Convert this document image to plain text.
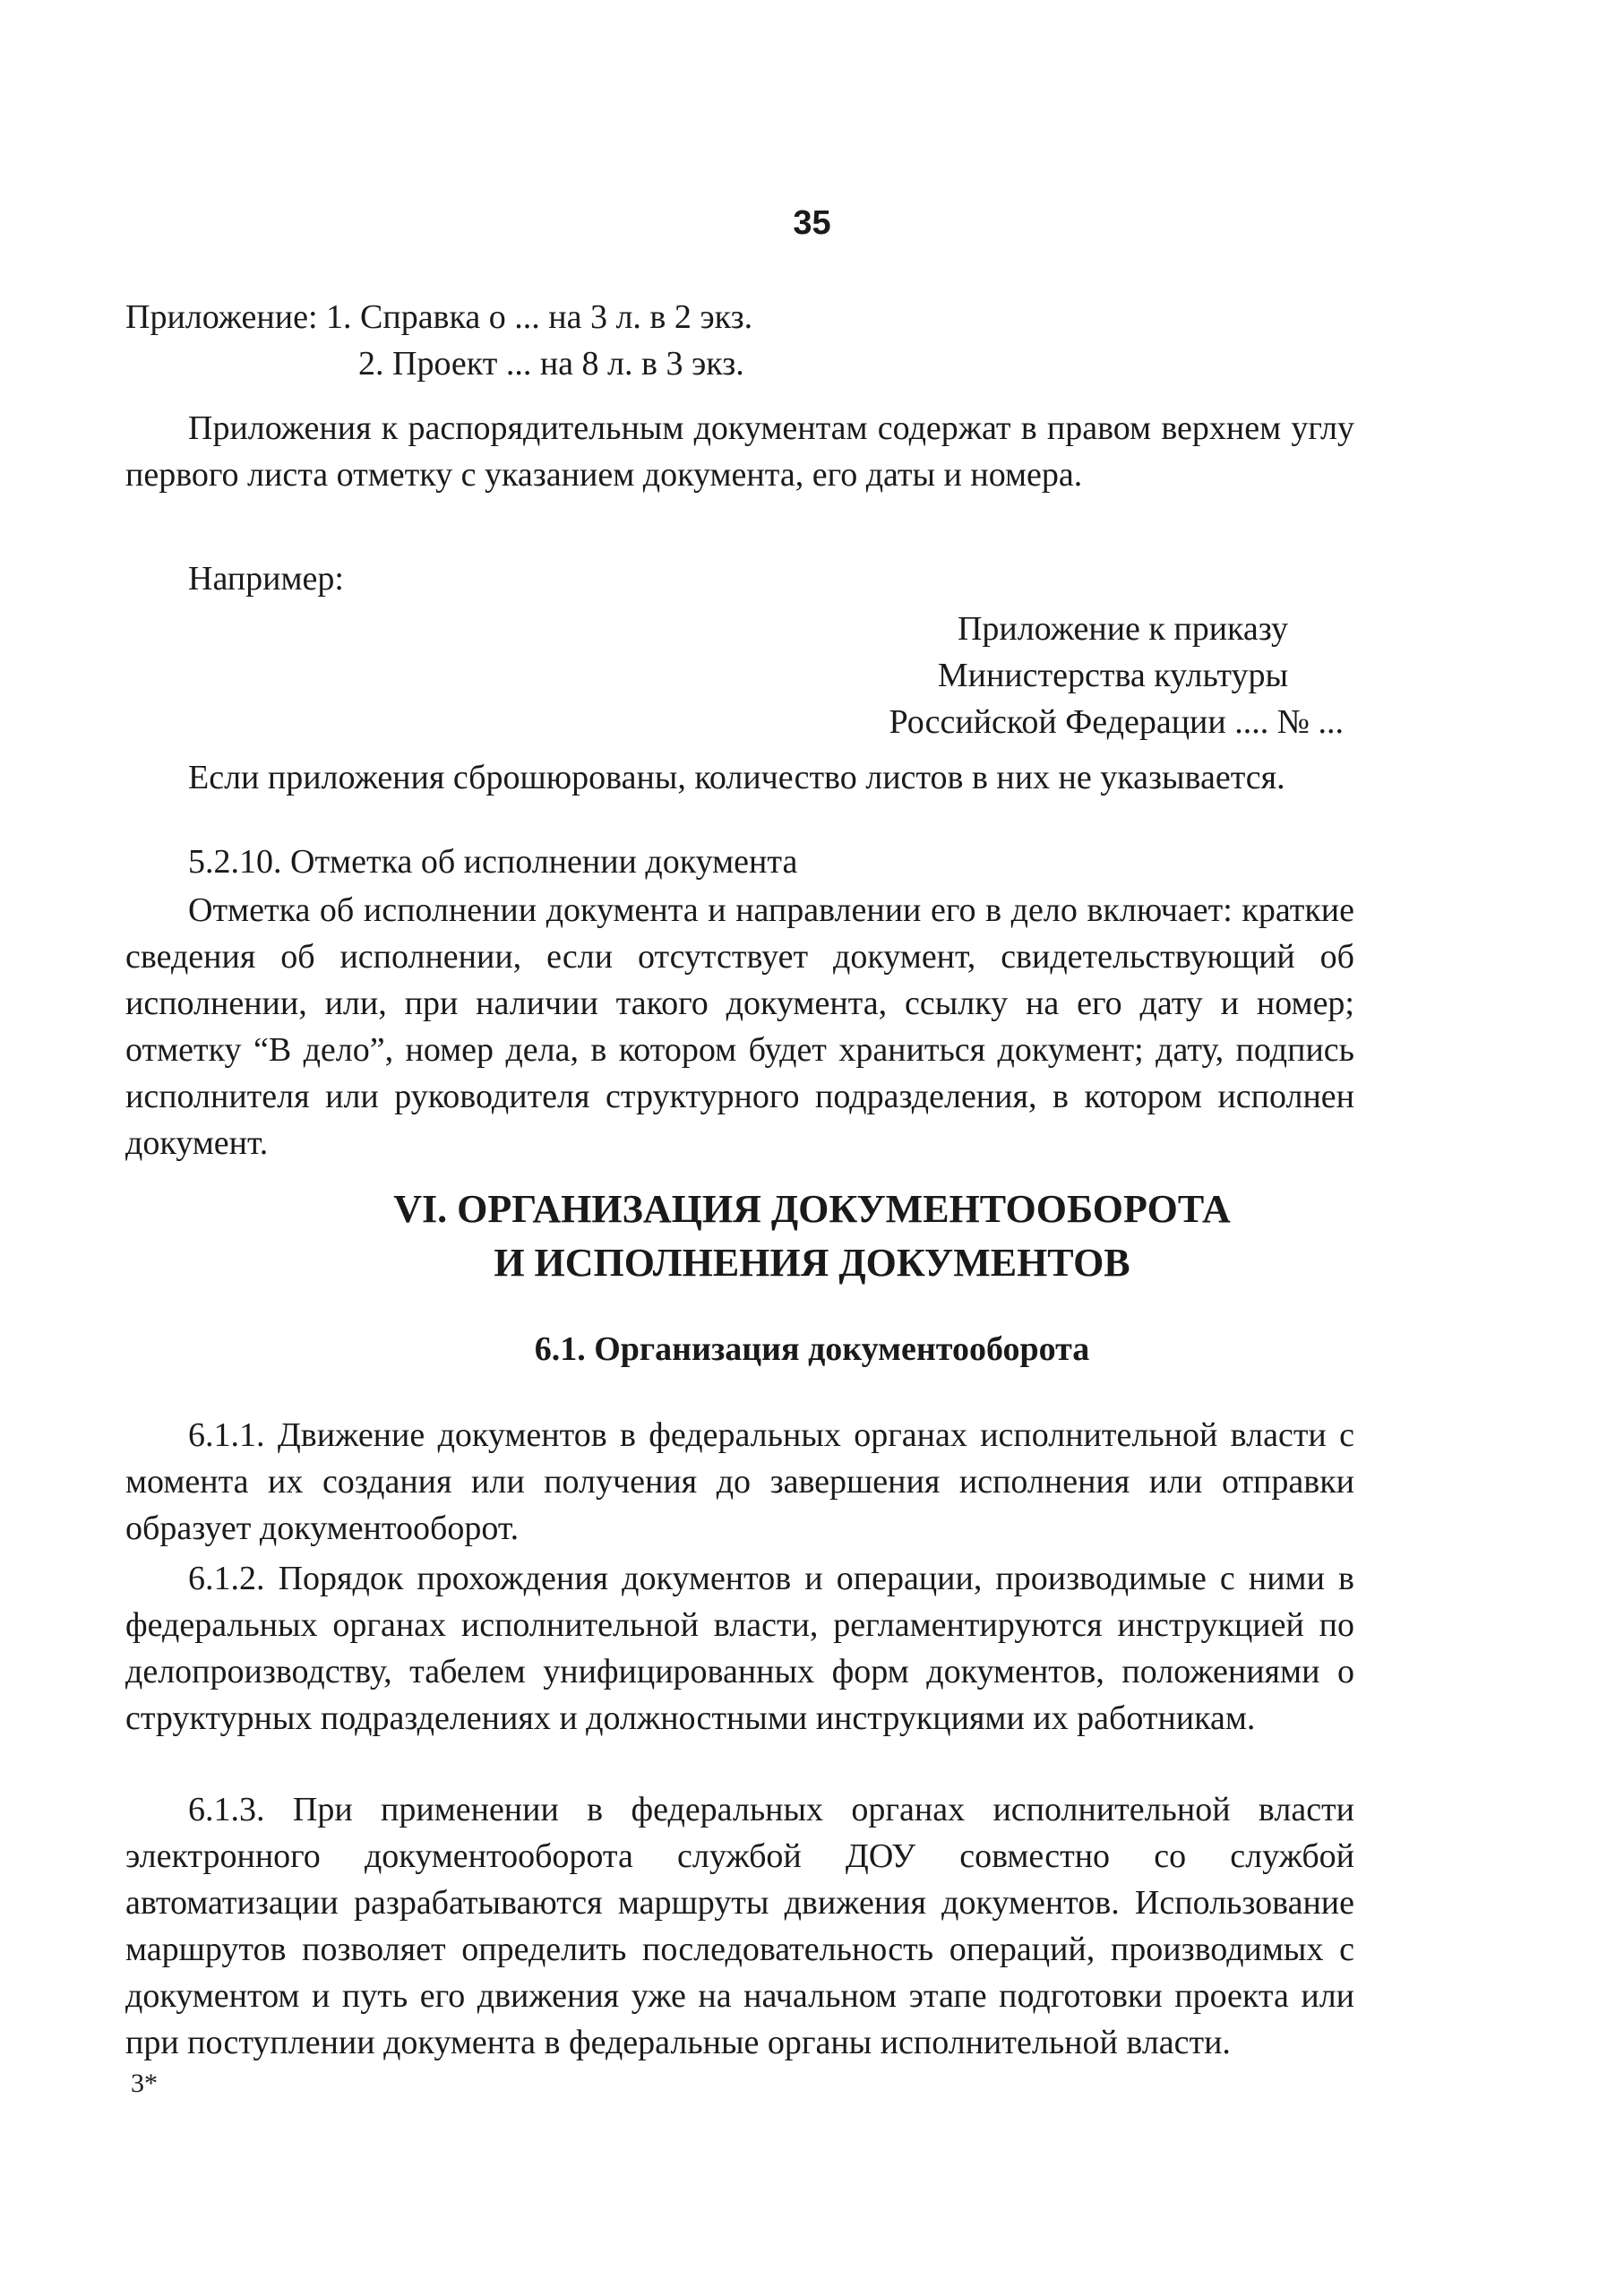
35
Приложение: 1. Справка о ... на 3 л. в 2 экз.
2. Проект ... на 8 л. в 3 экз.

Приложения к распорядительным документам содержат в правом верхнем углу первого листа отметку с указанием документа, его даты и номера.

Например:
Приложение к приказу
Министерства культуры
Российской Федерации .... № ...

Если приложения сброшюрованы, количество листов в них не указывается.

5.2.10. Отметка об исполнении документа

Отметка об исполнении документа и направлении его в дело включает: краткие сведения об исполнении, если отсутствует документ, свидетельствующий об исполнении, или, при наличии такого документа, ссылку на его дату и номер; отметку “В дело”, номер дела, в котором будет храниться документ; дату, подпись исполнителя или руководителя структурного подразделения, в котором исполнен документ.

VI. ОРГАНИЗАЦИЯ ДОКУМЕНТООБОРОТА
И ИСПОЛНЕНИЯ ДОКУМЕНТОВ
6.1. Организация документооборота

6.1.1. Движение документов в федеральных органах исполнительной власти с момента их создания или получения до завершения исполнения или отправки образует документооборот.

6.1.2. Порядок прохождения документов и операции, производимые с ними в федеральных органах исполнительной власти, регламентируются инструкцией по делопроизводству, табелем унифицированных форм документов, положениями о структурных подразделениях и должностными инструкциями их работникам.

6.1.3. При применении в федеральных органах исполнительной власти электронного документооборота службой ДОУ совместно со службой автоматизации разрабатываются маршруты движения документов. Использование маршрутов позволяет определить последовательность операций, производимых с документом и путь его движения уже на начальном этапе подготовки проекта или при поступлении документа в федеральные органы исполнительной власти.

3*
